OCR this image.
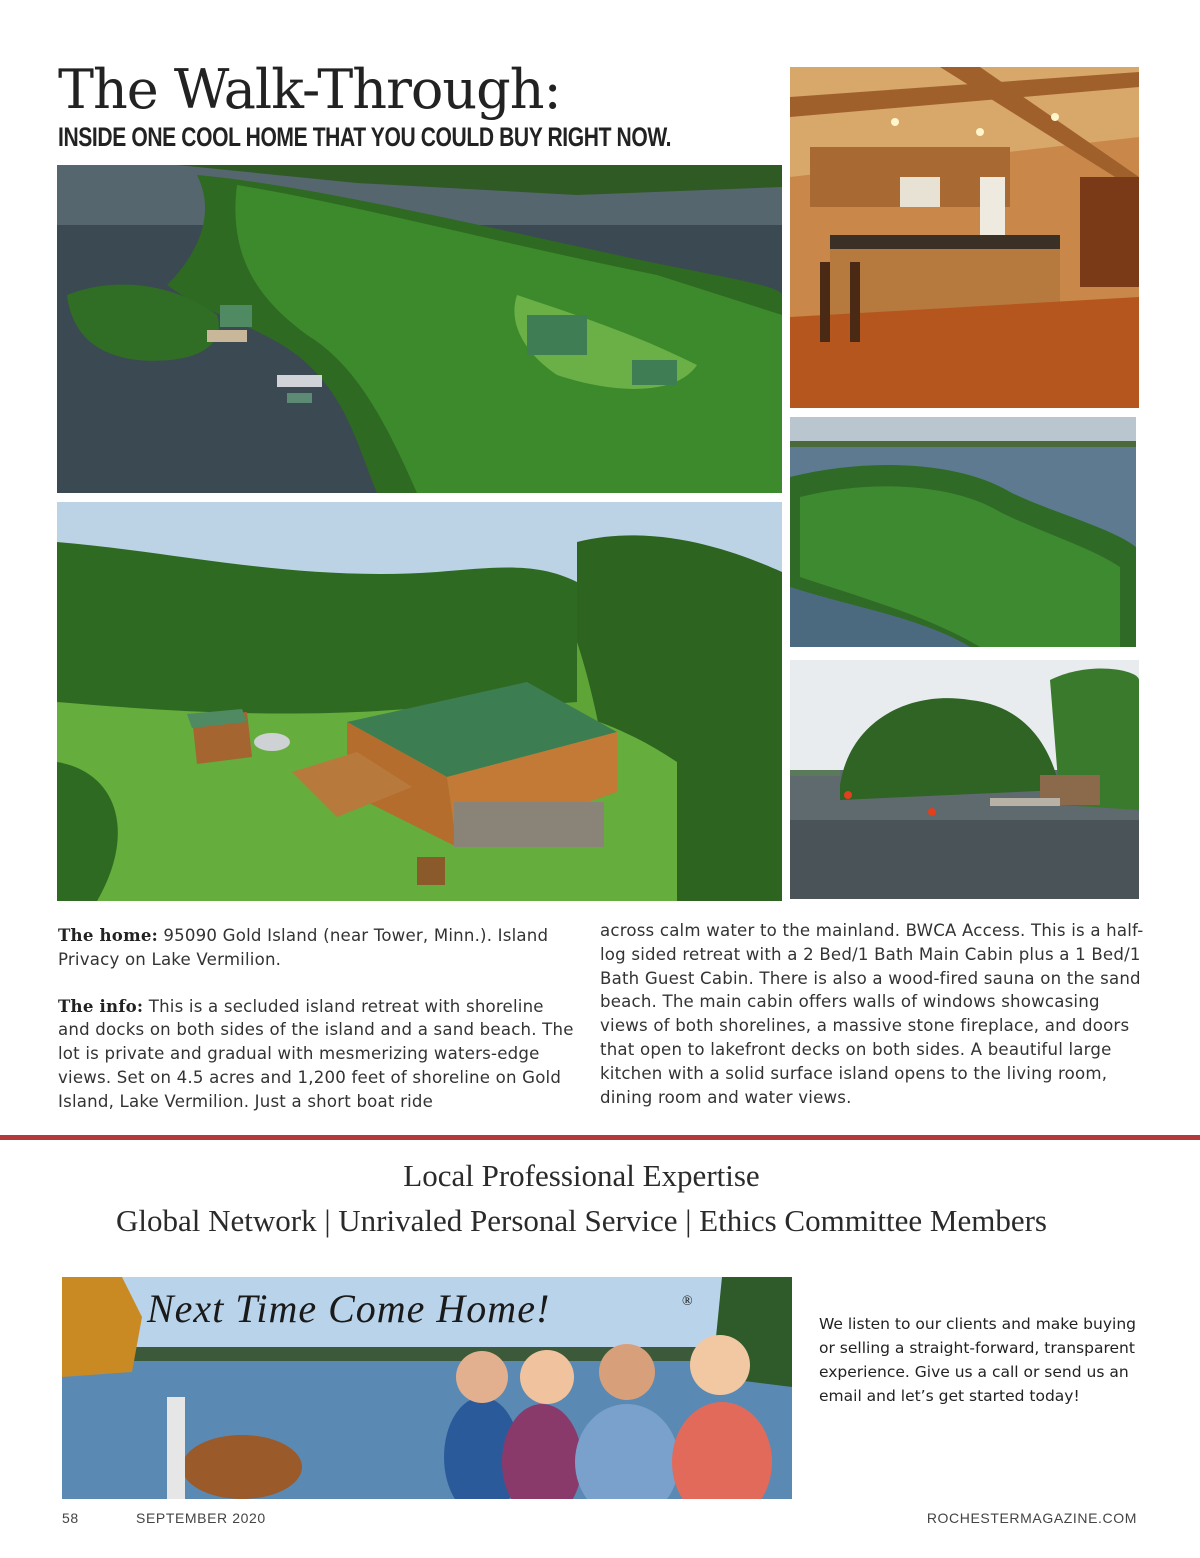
The Walk-Through:
INSIDE ONE COOL HOME THAT YOU COULD BUY RIGHT NOW.

The home: 95090 Gold Island (near Tower, Minn.). Island Privacy on Lake Vermilion.

The info: This is a secluded island retreat with shoreline and docks on both sides of the island and a sand beach. The lot is private and gradual with mesmerizing waters-edge views. Set on 4.5 acres and 1,200 feet of shoreline on Gold Island, Lake Vermilion. Just a short boat ride

across calm water to the mainland. BWCA Access. This is a half-log sided retreat with a 2 Bed/1 Bath Main Cabin plus a 1 Bed/1 Bath Guest Cabin. There is also a wood-fired sauna on the sand beach. The main cabin offers walls of windows showcasing views of both shorelines, a massive stone fireplace, and doors that open to lakefront decks on both sides. A beautiful large kitchen with a solid surface island opens to the living room, dining room and water views.

Local Professional Expertise
Global Network | Unrivaled Personal Service | Ethics Committee Members
Next Time Come Home!	®

We listen to our clients and make buying or selling a straight-forward, transparent experience. Give us a call or send us an email and let’s get started today!

58	SEPTEMBER 2020	ROCHESTERMAGAZINE.COM
